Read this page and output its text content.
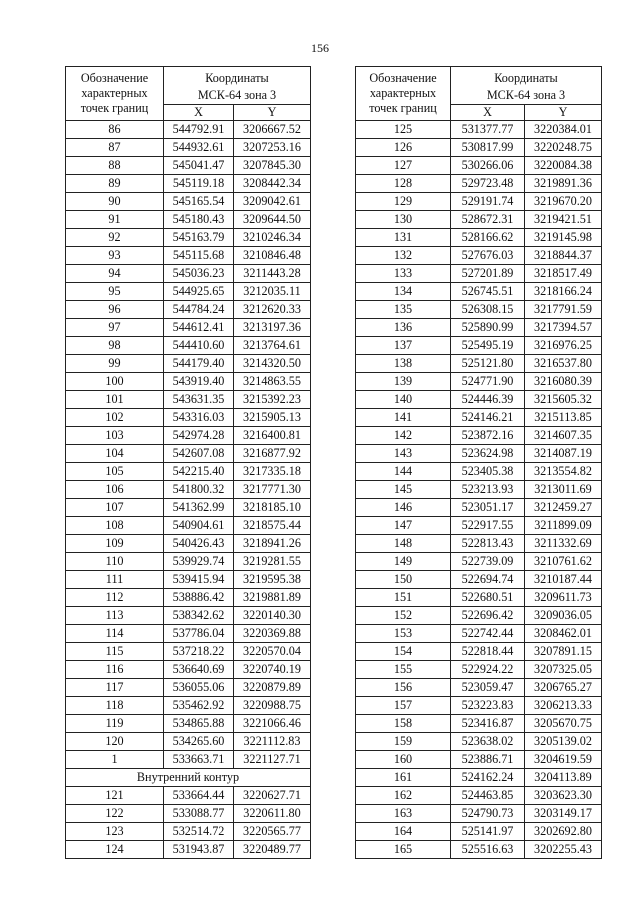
156
Обозначение
характерных
точек границ	Координаты	

	МСК-64 зона 3	

	X	Y
86	544792.91	3206667.52
87	544932.61	3207253.16
88	545041.47	3207845.30
89	545119.18	3208442.34
90	545165.54	3209042.61
91	545180.43	3209644.50
92	545163.79	3210246.34
93	545115.68	3210846.48
94	545036.23	3211443.28
95	544925.65	3212035.11
96	544784.24	3212620.33
97	544612.41	3213197.36
98	544410.60	3213764.61
99	544179.40	3214320.50
100	543919.40	3214863.55
101	543631.35	3215392.23
102	543316.03	3215905.13
103	542974.28	3216400.81
104	542607.08	3216877.92
105	542215.40	3217335.18
106	541800.32	3217771.30
107	541362.99	3218185.10
108	540904.61	3218575.44
109	540426.43	3218941.26
110	539929.74	3219281.55
111	539415.94	3219595.38
112	538886.42	3219881.89
113	538342.62	3220140.30
114	537786.04	3220369.88
115	537218.22	3220570.04
116	536640.69	3220740.19
117	536055.06	3220879.89
118	535462.92	3220988.75
119	534865.88	3221066.46
120	534265.60	3221112.83
1	533663.71	3221127.71
Внутренний контур		
121	533664.44	3220627.71
122	533088.77	3220611.80
123	532514.72	3220565.77
124	531943.87	3220489.77
Обозначение
характерных
точек границ	Координаты	

	МСК-64 зона 3	

	X	Y
125	531377.77	3220384.01
126	530817.99	3220248.75
127	530266.06	3220084.38
128	529723.48	3219891.36
129	529191.74	3219670.20
130	528672.31	3219421.51
131	528166.62	3219145.98
132	527676.03	3218844.37
133	527201.89	3218517.49
134	526745.51	3218166.24
135	526308.15	3217791.59
136	525890.99	3217394.57
137	525495.19	3216976.25
138	525121.80	3216537.80
139	524771.90	3216080.39
140	524446.39	3215605.32
141	524146.21	3215113.85
142	523872.16	3214607.35
143	523624.98	3214087.19
144	523405.38	3213554.82
145	523213.93	3213011.69
146	523051.17	3212459.27
147	522917.55	3211899.09
148	522813.43	3211332.69
149	522739.09	3210761.62
150	522694.74	3210187.44
151	522680.51	3209611.73
152	522696.42	3209036.05
153	522742.44	3208462.01
154	522818.44	3207891.15
155	522924.22	3207325.05
156	523059.47	3206765.27
157	523223.83	3206213.33
158	523416.87	3205670.75
159	523638.02	3205139.02
160	523886.71	3204619.59
161	524162.24	3204113.89
162	524463.85	3203623.30
163	524790.73	3203149.17
164	525141.97	3202692.80
165	525516.63	3202255.43
